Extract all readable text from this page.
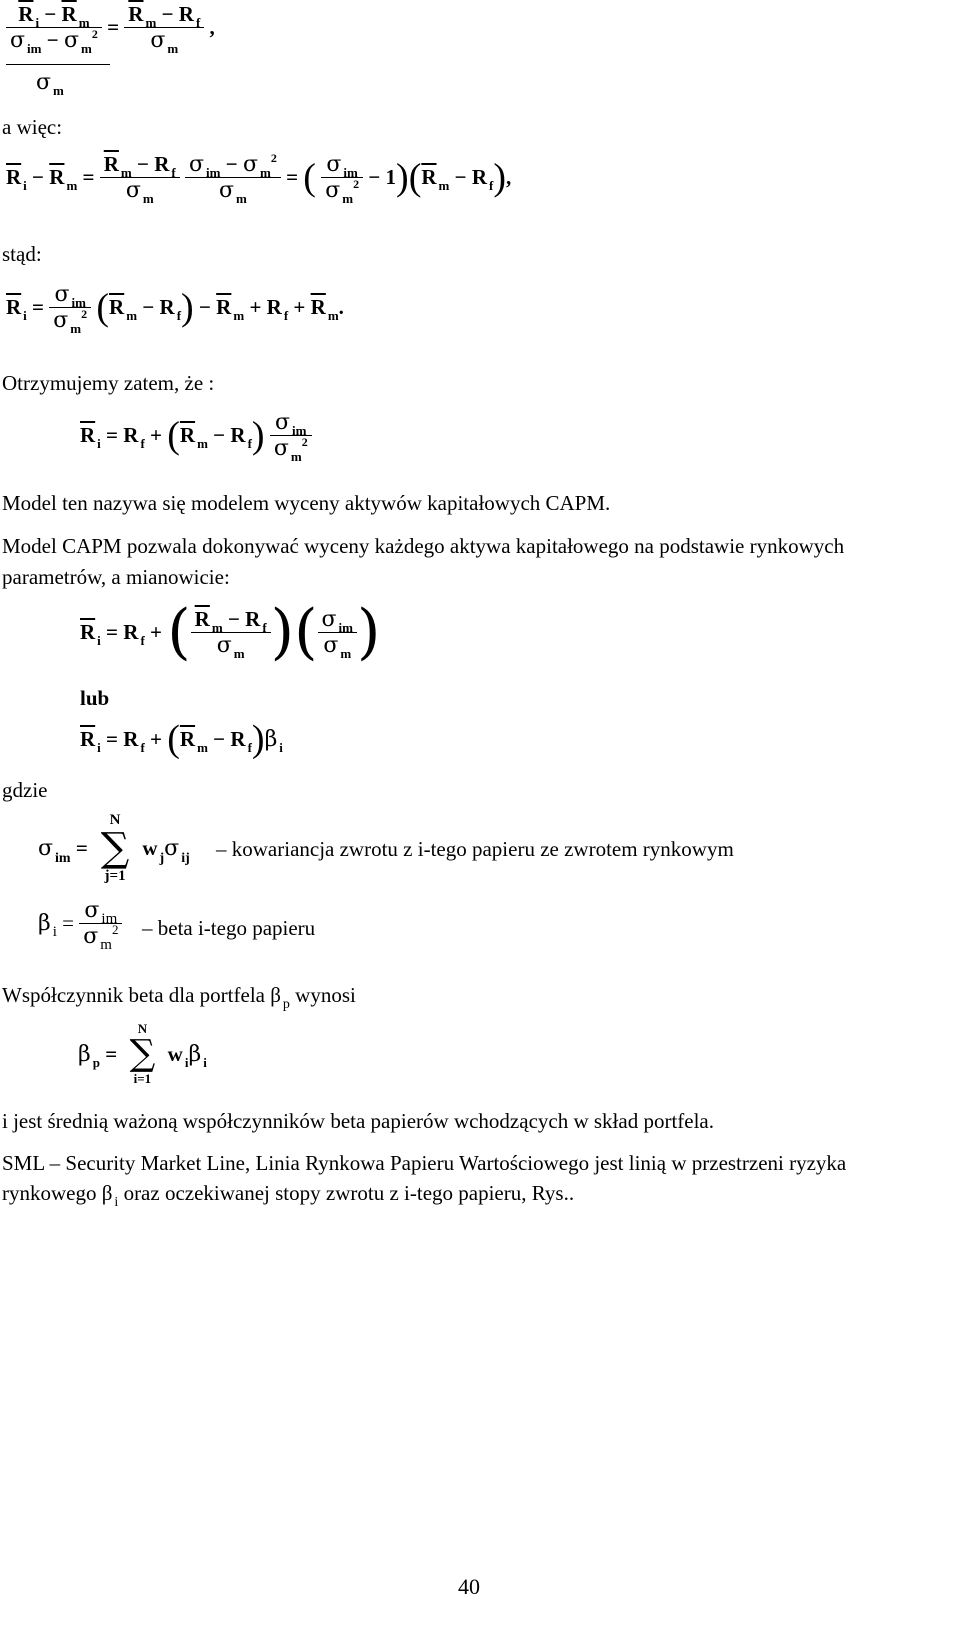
$\frac{\overline{R} _i - \overline{R} _m}{\sigma _{im} - \sigma _m^2} = \frac{\overline{R} _m - R _f}{\sigma _m}$ ,
σ $_m$
a więc:
$\overline{R}$ $_i - \overline{R}$ $_m = \frac{\overline{R} _m - R _f}{\sigma _m}$
$\frac{\sigma _{im} - \sigma _m^2}{\sigma _m}$ = ( $\frac{\sigma _{im}}{\sigma _m^2} - 1)(\overline{R}$ $_m$ − R $_f$),
stąd:
$\overline{R}$ $_i = \frac{\sigma _{im}}{\sigma _m^2} (\overline{R}$ $_m$ − R $_f) - \overline{R}$ $_m$ + R $_f + \overline{R}$ $_m$.
Otrzymujemy zatem, że :
$\overline{R}$ $_i$ = R $_f + (\overline{R}$ $_m$ − R $_f) \frac{\sigma _{im}}{\sigma _m^2}$
Model ten nazywa się modelem wyceny aktywów kapitałowych CAPM.
Model CAPM pozwala dokonywać wyceny każdego aktywa kapitałowego na podstawie rynkowych
parametrów, a mianowicie:
$\overline{R}$ $_i$ = R $_f$ + ( $\frac{\overline{R} _m - R _f}{\sigma _m}$ )( $\frac{\sigma _{im}}{\sigma _m}$ )
lub
$\overline{R}$ $_i$ = R $_f + (\overline{R}$ $_m$ − R $_f$)β $_i$
gdzie
σ $_{im}$ =
N
∑
j=1
w $_j$σ $_{ij}$ – kowariancja zwrotu z i-tego papieru ze zwrotem rynkowym
β $_i = \frac{\sigma _{im}}{\sigma _m^2}$ – beta i-tego papieru
Współczynnik beta dla portfela β $_p$ wynosi
β $_p$ =
N
∑
i=1
w $_i$β $_i$
i jest średnią ważoną współczynników beta papierów wchodzących w skład portfela.
SML – Security Market Line, Linia Rynkowa Papieru Wartościowego jest linią w przestrzeni ryzyka
rynkowego β $_i$ oraz oczekiwanej stopy zwrotu z i-tego papieru, Rys..
40
